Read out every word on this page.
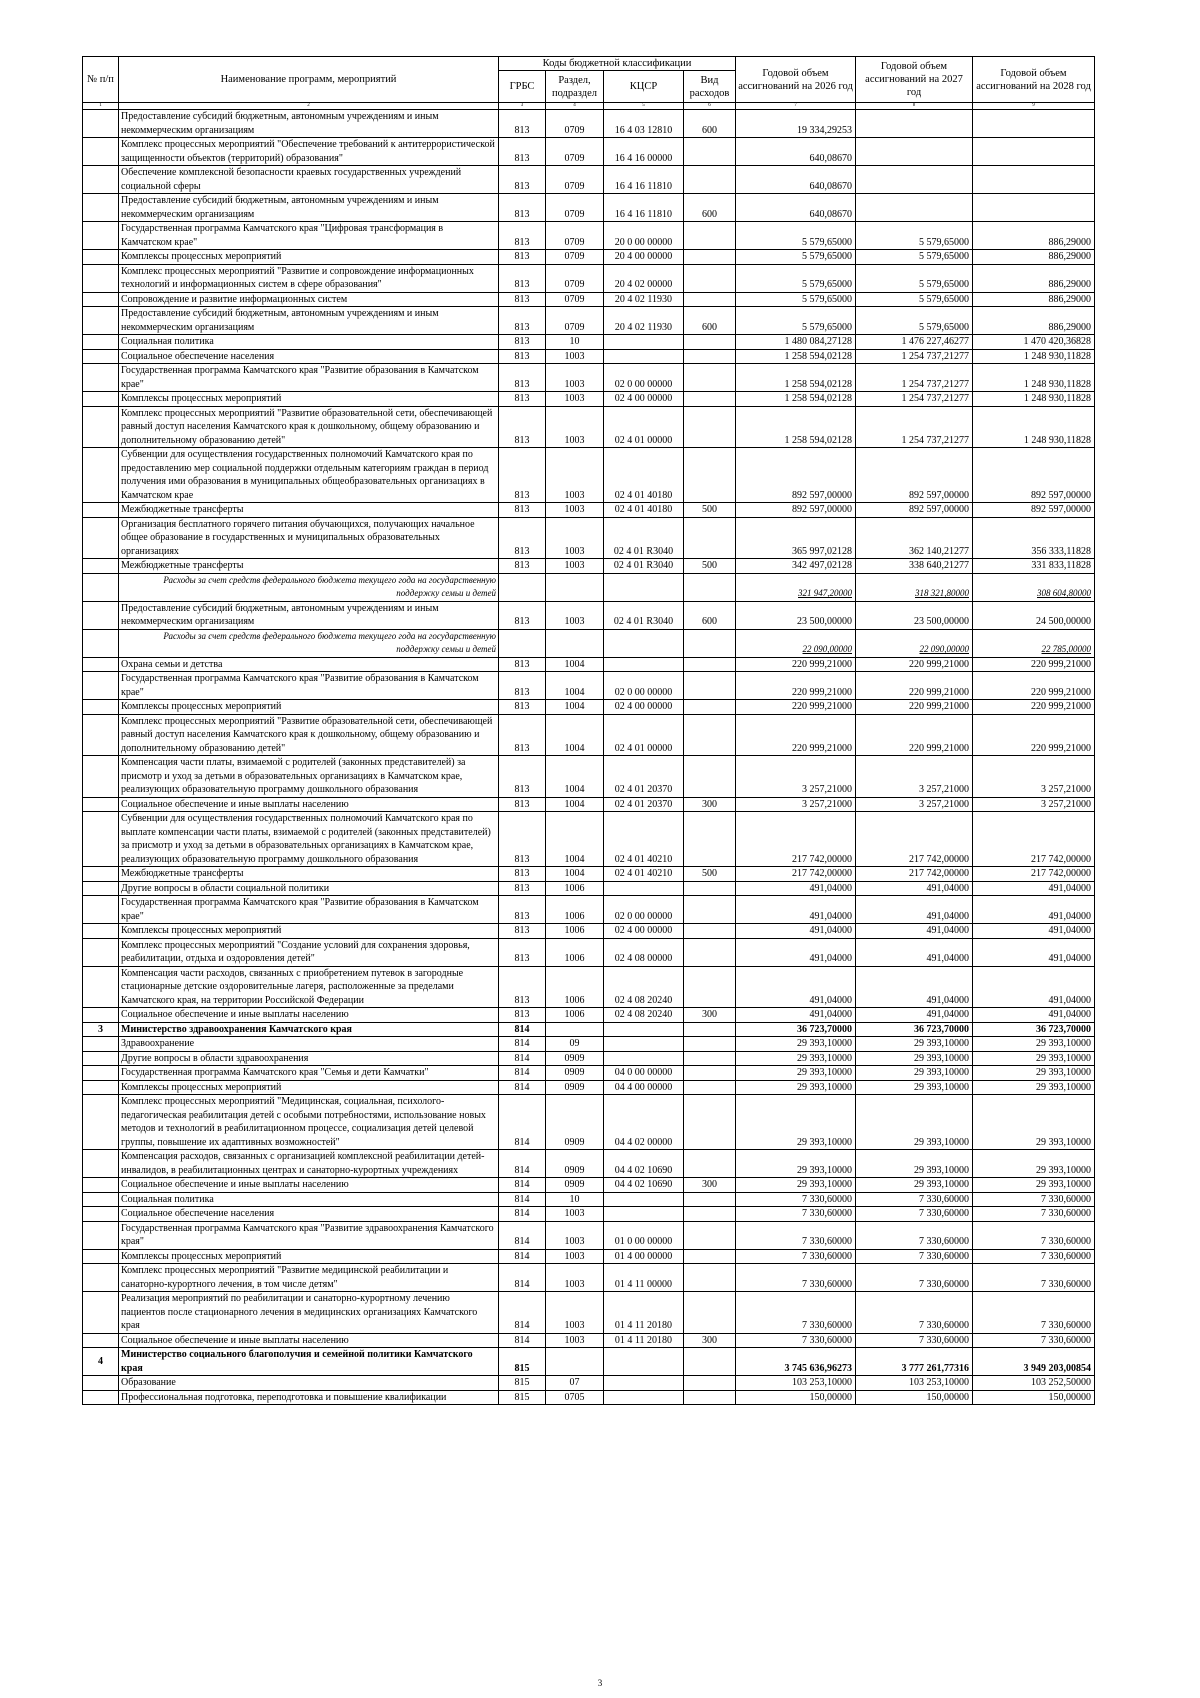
№ п/п	Наименование программ, мероприятий	Коды бюджетной классификации				Годовой объем ассигнований на 2026 год	Годовой объем ассигнований на 2027 год	Годовой объем ассигнований на 2028 год
		ГРБС	Раздел, подраздел	КЦСР	Вид расходов			
1	2	3	4	5	6	7	8	9
	Предоставление субсидий бюджетным, автономным учреждениям и иным некоммерческим организациям	813	0709	16 4 03 12810	600	19 334,29253		
	Комплекс процессных мероприятий "Обеспечение требований к антитеррористической защищенности объектов (территорий) образования"	813	0709	16 4 16 00000		640,08670		
	Обеспечение комплексной безопасности краевых государственных учреждений социальной сферы	813	0709	16 4 16 11810		640,08670		
	Предоставление субсидий бюджетным, автономным учреждениям и иным некоммерческим организациям	813	0709	16 4 16 11810	600	640,08670		
	Государственная программа Камчатского края "Цифровая трансформация в Камчатском крае"	813	0709	20 0 00 00000		5 579,65000	5 579,65000	886,29000
	Комплексы процессных мероприятий	813	0709	20 4 00 00000		5 579,65000	5 579,65000	886,29000
	Комплекс процессных мероприятий "Развитие и сопровождение информационных технологий и информационных систем в сфере образования"	813	0709	20 4 02 00000		5 579,65000	5 579,65000	886,29000
	Сопровождение и развитие информационных систем	813	0709	20 4 02 11930		5 579,65000	5 579,65000	886,29000
	Предоставление субсидий бюджетным, автономным учреждениям и иным некоммерческим организациям	813	0709	20 4 02 11930	600	5 579,65000	5 579,65000	886,29000
	Социальная политика	813	10			1 480 084,27128	1 476 227,46277	1 470 420,36828
	Социальное обеспечение населения	813	1003			1 258 594,02128	1 254 737,21277	1 248 930,11828
	Государственная программа Камчатского края "Развитие образования в Камчатском крае"	813	1003	02 0 00 00000		1 258 594,02128	1 254 737,21277	1 248 930,11828
	Комплексы процессных мероприятий	813	1003	02 4 00 00000		1 258 594,02128	1 254 737,21277	1 248 930,11828
	Комплекс процессных мероприятий "Развитие образовательной сети, обеспечивающей равный доступ населения Камчатского края к дошкольному, общему образованию и дополнительному образованию детей"	813	1003	02 4 01 00000		1 258 594,02128	1 254 737,21277	1 248 930,11828
	Субвенции для осуществления государственных полномочий Камчатского края по предоставлению мер социальной поддержки отдельным категориям граждан в период получения ими образования в муниципальных общеобразовательных организациях в Камчатском крае	813	1003	02 4 01 40180		892 597,00000	892 597,00000	892 597,00000
	Межбюджетные трансферты	813	1003	02 4 01 40180	500	892 597,00000	892 597,00000	892 597,00000
	Организация бесплатного горячего питания обучающихся, получающих начальное общее образование в государственных и муниципальных образовательных организациях	813	1003	02 4 01 R3040		365 997,02128	362 140,21277	356 333,11828
	Межбюджетные трансферты	813	1003	02 4 01 R3040	500	342 497,02128	338 640,21277	331 833,11828
	Расходы за счет средств федерального бюджета текущего года на государственную поддержку семьи и детей					321 947,20000	318 321,80000	308 604,80000
	Предоставление субсидий бюджетным, автономным учреждениям и иным некоммерческим организациям	813	1003	02 4 01 R3040	600	23 500,00000	23 500,00000	24 500,00000
	Расходы за счет средств федерального бюджета текущего года на государственную поддержку семьи и детей					22 090,00000	22 090,00000	22 785,00000
	Охрана семьи и детства	813	1004			220 999,21000	220 999,21000	220 999,21000
	Государственная программа Камчатского края "Развитие образования в Камчатском крае"	813	1004	02 0 00 00000		220 999,21000	220 999,21000	220 999,21000
	Комплексы процессных мероприятий	813	1004	02 4 00 00000		220 999,21000	220 999,21000	220 999,21000
	Комплекс процессных мероприятий "Развитие образовательной сети, обеспечивающей равный доступ населения Камчатского края к дошкольному, общему образованию и дополнительному образованию детей"	813	1004	02 4 01 00000		220 999,21000	220 999,21000	220 999,21000
	Компенсация части платы, взимаемой с родителей (законных представителей) за присмотр и уход за детьми в образовательных организациях в Камчатском крае, реализующих образовательную программу дошкольного образования	813	1004	02 4 01 20370		3 257,21000	3 257,21000	3 257,21000
	Социальное обеспечение и иные выплаты населению	813	1004	02 4 01 20370	300	3 257,21000	3 257,21000	3 257,21000
	Субвенции для осуществления государственных полномочий Камчатского края по выплате компенсации части платы, взимаемой с родителей (законных представителей) за присмотр и уход за детьми в образовательных организациях в Камчатском крае, реализующих образовательную программу дошкольного образования	813	1004	02 4 01 40210		217 742,00000	217 742,00000	217 742,00000
	Межбюджетные трансферты	813	1004	02 4 01 40210	500	217 742,00000	217 742,00000	217 742,00000
	Другие вопросы в области социальной политики	813	1006			491,04000	491,04000	491,04000
	Государственная программа Камчатского края "Развитие образования в Камчатском крае"	813	1006	02 0 00 00000		491,04000	491,04000	491,04000
	Комплексы процессных мероприятий	813	1006	02 4 00 00000		491,04000	491,04000	491,04000
	Комплекс процессных мероприятий "Создание условий для сохранения здоровья, реабилитации, отдыха и оздоровления детей"	813	1006	02 4 08 00000		491,04000	491,04000	491,04000
	Компенсация части расходов, связанных с приобретением путевок в загородные стационарные детские оздоровительные лагеря, расположенные за пределами Камчатского края, на территории Российской Федерации	813	1006	02 4 08 20240		491,04000	491,04000	491,04000
	Социальное обеспечение и иные выплаты населению	813	1006	02 4 08 20240	300	491,04000	491,04000	491,04000
3	Министерство здравоохранения Камчатского края	814				36 723,70000	36 723,70000	36 723,70000
	Здравоохранение	814	09			29 393,10000	29 393,10000	29 393,10000
	Другие вопросы в области здравоохранения	814	0909			29 393,10000	29 393,10000	29 393,10000
	Государственная программа Камчатского края "Семья и дети Камчатки"	814	0909	04 0 00 00000		29 393,10000	29 393,10000	29 393,10000
	Комплексы процессных мероприятий	814	0909	04 4 00 00000		29 393,10000	29 393,10000	29 393,10000
	Комплекс процессных мероприятий "Медицинская, социальная, психолого-педагогическая реабилитация детей с особыми потребностями, использование новых методов и технологий в реабилитационном процессе, социализация детей целевой группы, повышение их адаптивных возможностей"	814	0909	04 4 02 00000		29 393,10000	29 393,10000	29 393,10000
	Компенсация расходов, связанных с организацией комплексной реабилитации детей-инвалидов, в реабилитационных центрах и санаторно-курортных учреждениях	814	0909	04 4 02 10690		29 393,10000	29 393,10000	29 393,10000
	Социальное обеспечение и иные выплаты населению	814	0909	04 4 02 10690	300	29 393,10000	29 393,10000	29 393,10000
	Социальная политика	814	10			7 330,60000	7 330,60000	7 330,60000
	Социальное обеспечение населения	814	1003			7 330,60000	7 330,60000	7 330,60000
	Государственная программа Камчатского края "Развитие здравоохранения Камчатского края"	814	1003	01 0 00 00000		7 330,60000	7 330,60000	7 330,60000
	Комплексы процессных мероприятий	814	1003	01 4 00 00000		7 330,60000	7 330,60000	7 330,60000
	Комплекс процессных мероприятий "Развитие медицинской реабилитации и санаторно-курортного лечения, в том числе детям"	814	1003	01 4 11 00000		7 330,60000	7 330,60000	7 330,60000
	Реализация мероприятий по реабилитации и санаторно-курортному лечению пациентов после стационарного лечения в медицинских организациях Камчатского края	814	1003	01 4 11 20180		7 330,60000	7 330,60000	7 330,60000
	Социальное обеспечение и иные выплаты населению	814	1003	01 4 11 20180	300	7 330,60000	7 330,60000	7 330,60000
4	Министерство социального благополучия и семейной политики Камчатского края	815				3 745 636,96273	3 777 261,77316	3 949 203,00854
	Образование	815	07			103 253,10000	103 253,10000	103 252,50000
	Профессиональная подготовка, переподготовка и повышение квалификации	815	0705			150,00000	150,00000	150,00000
3
